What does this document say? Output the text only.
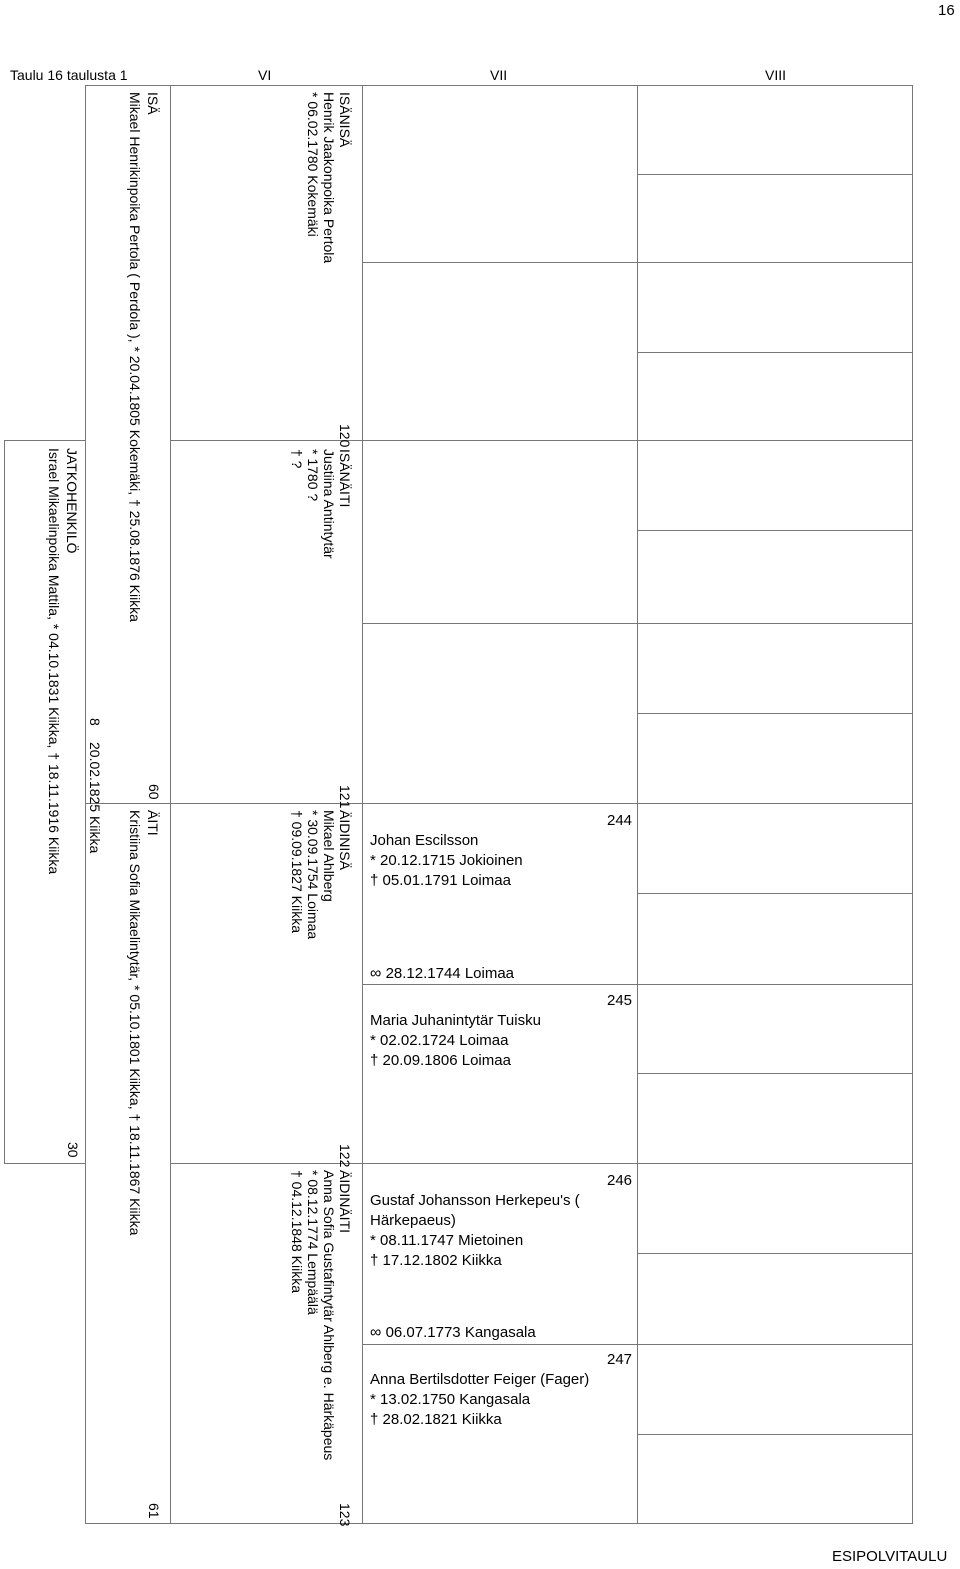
16
Taulu 16 taulustа 1	VI	VII	VIII
JATKOHENKILÖ
Israel Mikaelinpoika Mattila, * 04.10.1831 Kiikka, † 18.11.1916 Kiikka
30
8
20.02.1825 Kiikka
ISÄ
Mikael Henrikinpoika Pertola ( Perdola ), * 20.04.1805 Kokemäki, † 25.08.1876 Kiikka
60
ÄITI
Kristiina Sofia Mikaelintytär, * 05.10.1801 Kiikka, † 18.11.1867 Kiikka
61
ISÄNISÄ
Henrik Jaakonpoika Pertola
* 06.02.1780 Kokemäki
120
ISÄNÄITI
Justiina Antintytär
* 1780 ?
† ?
121
ÄIDINISÄ
Mikael Ahlberg
* 30.09.1754 Loimaa
† 09.09.1827 Kiikka
122
ÄIDINÄITI
Anna Sofia Gustafintytär Ahlberg e. Härkäpeus
* 08.12.1774 Lempäälä
† 04.12.1848 Kiikka
123
244
Johan Escilsson
* 20.12.1715 Jokioinen
† 05.01.1791 Loimaa
∞ 28.12.1744 Loimaa
245
Maria Juhanintytär Tuisku
* 02.02.1724 Loimaa
† 20.09.1806 Loimaa
246
Gustaf Johansson Herkepeu's (
Härkepaeus)
* 08.11.1747 Mietoinen
† 17.12.1802 Kiikka
∞ 06.07.1773 Kangasala
247
Anna Bertilsdotter Feiger (Fager)
* 13.02.1750 Kangasala
† 28.02.1821 Kiikka
ESIPOLVITAULU
